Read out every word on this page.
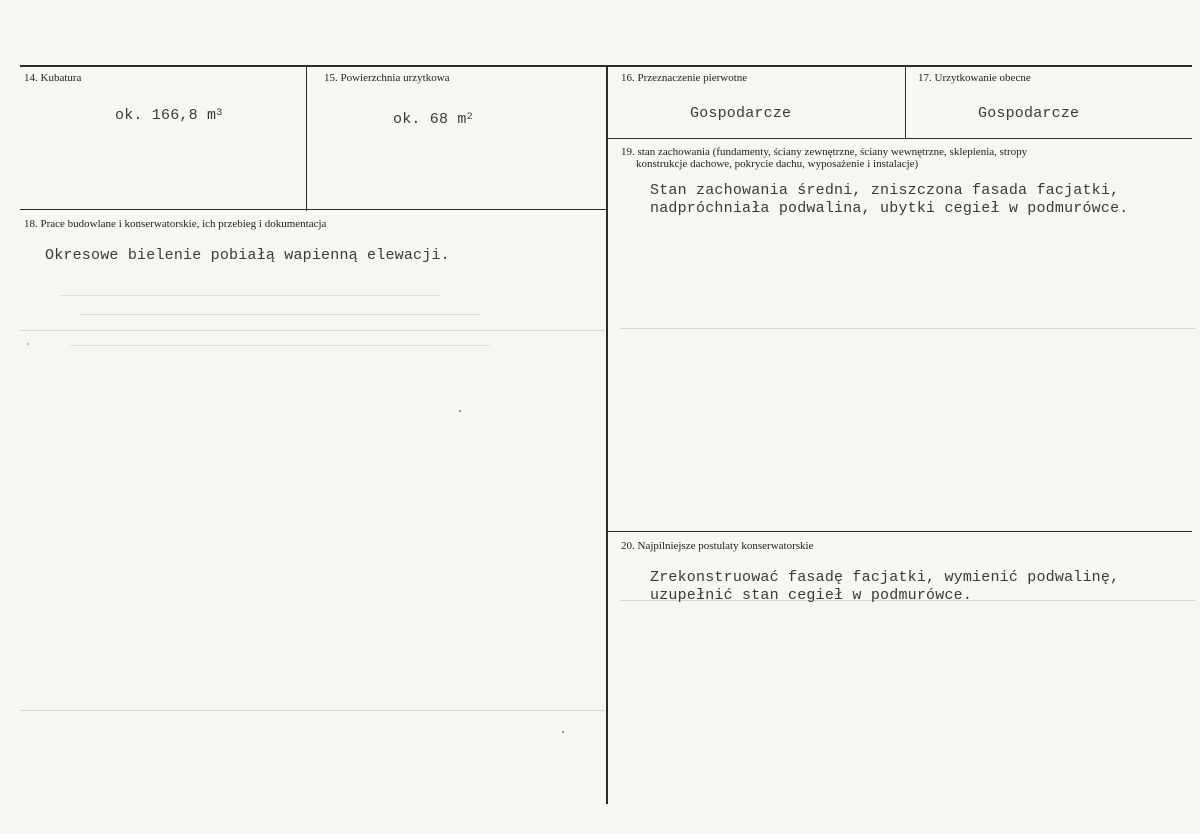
14. Kubatura
ok. 166,8 $m^3$
15. Powierzchnia urzytkowa
ok. 68 $m^2$
16. Przeznaczenie pierwotne
Gospodarcze
17. Urzytkowanie obecne
Gospodarcze
18. Prace budowlane i konserwatorskie, ich przebieg i dokumentacja
Okresowe bielenie pobiałą wapienną elewacji.
19. stan zachowania (fundamenty, ściany zewnętrzne, ściany wewnętrzne, sklepienia, stropy
konstrukcje dachowe, pokrycie dachu, wyposażenie i instalacje)
Stan zachowania średni, zniszczona fasada facjatki,
nadpróchniała podwalina, ubytki cegieł w podmurówce.
20. Najpilniejsze postulaty konserwatorskie
Zrekonstruować fasadę facjatki, wymienić podwalinę,
uzupełnić stan cegieł w podmurówce.
